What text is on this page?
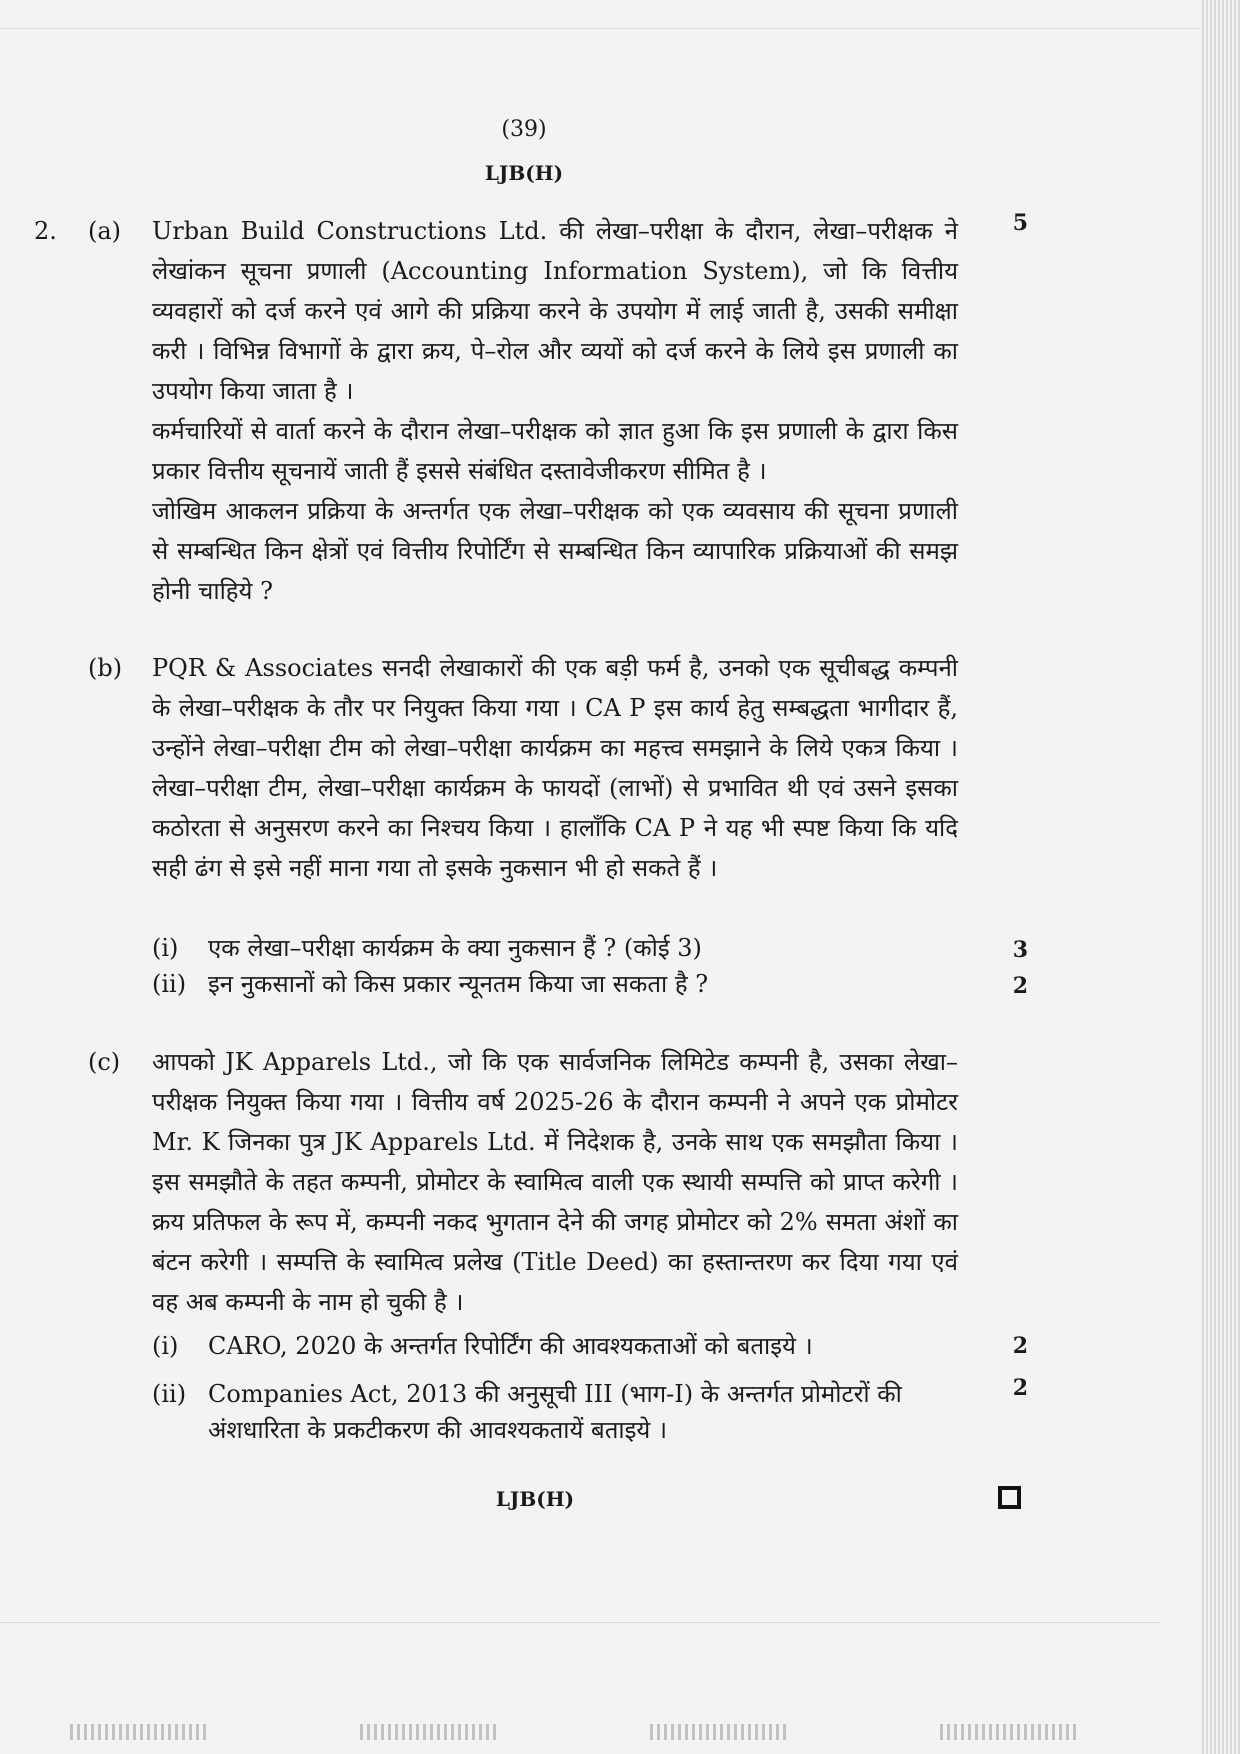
(39)
LJB(H)
2. (a)	Urban Build Constructions Ltd. की लेखा–परीक्षा के दौरान, लेखा–परीक्षक ने लेखांकन सूचना प्रणाली (Accounting Information System), जो कि वित्तीय व्यवहारों को दर्ज करने एवं आगे की प्रक्रिया करने के उपयोग में लाई जाती है, उसकी समीक्षा करी । विभिन्न विभागों के द्वारा क्रय, पे–रोल और व्ययों को दर्ज करने के लिये इस प्रणाली का उपयोग किया जाता है ।

कर्मचारियों से वार्ता करने के दौरान लेखा–परीक्षक को ज्ञात हुआ कि इस प्रणाली के द्वारा किस प्रकार वित्तीय सूचनायें जाती हैं इससे संबंधित दस्तावेजीकरण सीमित है ।

जोखिम आकलन प्रक्रिया के अन्तर्गत एक लेखा–परीक्षक को एक व्यवसाय की सूचना प्रणाली से सम्बन्धित किन क्षेत्रों एवं वित्तीय रिपोर्टिंग से सम्बन्धित किन व्यापारिक प्रक्रियाओं की समझ होनी चाहिये ?

5
(b)	PQR & Associates सनदी लेखाकारों की एक बड़ी फर्म है, उनको एक सूचीबद्ध कम्पनी के लेखा–परीक्षक के तौर पर नियुक्त किया गया । CA P इस कार्य हेतु सम्बद्धता भागीदार हैं, उन्होंने लेखा–परीक्षा टीम को लेखा–परीक्षा कार्यक्रम का महत्त्व समझाने के लिये एकत्र किया । लेखा–परीक्षा टीम, लेखा–परीक्षा कार्यक्रम के फायदों (लाभों) से प्रभावित थी एवं उसने इसका कठोरता से अनुसरण करने का निश्चय किया । हालाँकि CA P ने यह भी स्पष्ट किया कि यदि सही ढंग से इसे नहीं माना गया तो इसके नुकसान भी हो सकते हैं ।

(i)	एक लेखा–परीक्षा कार्यक्रम के क्या नुकसान हैं ? (कोई 3)
(ii) इन नुकसानों को किस प्रकार न्यूनतम किया जा सकता है ?
3
2
(c)	आपको JK Apparels Ltd., जो कि एक सार्वजनिक लिमिटेड कम्पनी है, उसका लेखा–परीक्षक नियुक्त किया गया । वित्तीय वर्ष 2025-26 के दौरान कम्पनी ने अपने एक प्रोमोटर Mr. K जिनका पुत्र JK Apparels Ltd. में निदेशक है, उनके साथ एक समझौता किया । इस समझौते के तहत कम्पनी, प्रोमोटर के स्वामित्व वाली एक स्थायी सम्पत्ति को प्राप्त करेगी । क्रय प्रतिफल के रूप में, कम्पनी नकद भुगतान देने की जगह प्रोमोटर को 2% समता अंशों का बंटन करेगी । सम्पत्ति के स्वामित्व प्रलेख (Title Deed) का हस्तान्तरण कर दिया गया एवं वह अब कम्पनी के नाम हो चुकी है ।

(i)	CARO, 2020 के अन्तर्गत रिपोर्टिंग की आवश्यकताओं को बताइये ।
(ii) Companies Act, 2013 की अनुसूची III (भाग-I) के अन्तर्गत प्रोमोटरों की अंशधारिता के प्रकटीकरण की आवश्यकतायें बताइये ।
2
2
LJB(H)
